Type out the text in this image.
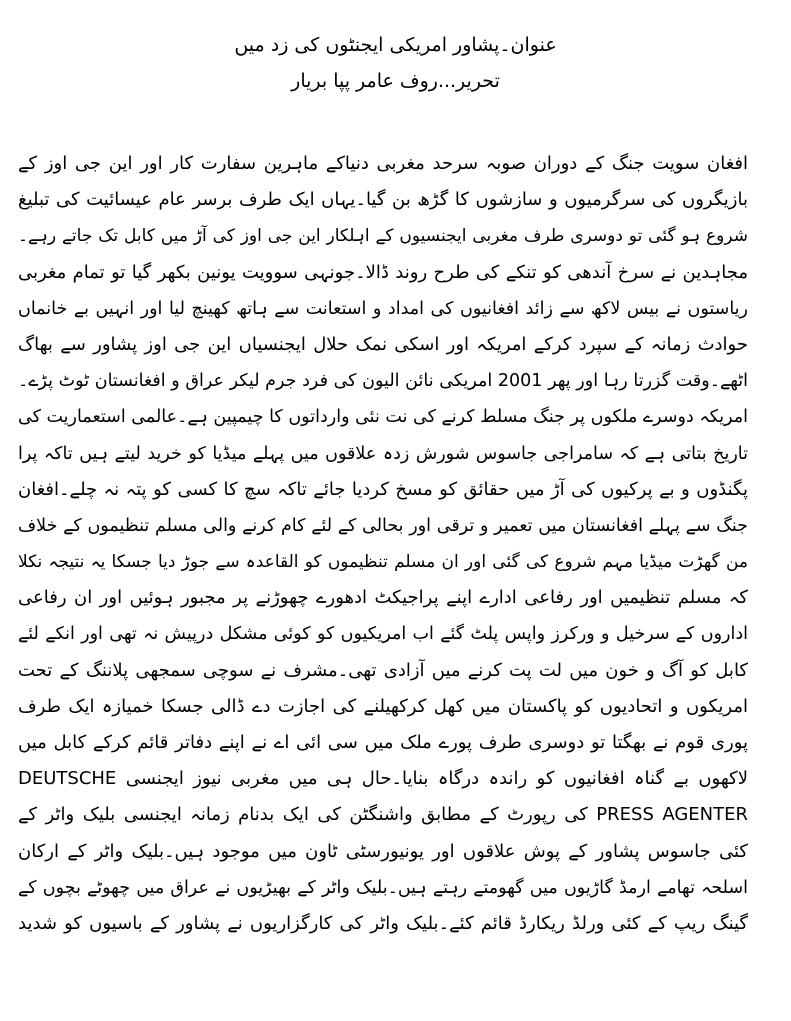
عنوان۔پشاور امریکی ایجنٹوں کی زد میں
تحریر...روف عامر پپا بریار
افغان سویت جنگ کے دوران صوبہ سرحد مغربی دنیاکے ماہرین سفارت کار اور این جی اوز کے
بازیگروں کی سرگرمیوں و سازشوں کا گڑھ بن گیا۔یہاں ایک طرف برسر عام عیسائیت کی تبلیغ
شروع ہو گئی تو دوسری طرف مغربی ایجنسیوں کے اہلکار این جی اوز کی آڑ میں کابل تک جاتے رہے۔
مجاہدین نے سرخ آندھی کو تنکے کی طرح روند ڈالا۔جونہی سوویت یونین بکھر گیا تو تمام مغربی
ریاستوں نے بیس لاکھ سے زائد افغانیوں کی امداد و استعانت سے ہاتھ کھینچ لیا اور انہیں بے خانماں
حوادث زمانہ کے سپرد کرکے امریکہ اور اسکی نمک حلال ایجنسیاں این جی اوز پشاور سے بھاگ
اٹھے۔وقت گزرتا رہا اور پھر 2001 امریکی نائن الیون کی فرد جرم لیکر عراق و افغانستان ٹوٹ پڑے۔
امریکہ دوسرے ملکوں پر جنگ مسلط کرنے کی نت نئی وارداتوں کا چیمپین ہے۔عالمی استعماریت کی
تاریخ بتاتی ہے کہ سامراجی جاسوس شورش زدہ علاقوں میں پہلے میڈیا کو خرید لیتے ہیں تاکہ پرا
پگنڈوں و بے پرکیوں کی آڑ میں حقائق کو مسخ کردیا جائے تاکہ سچ کا کسی کو پتہ نہ چلے۔افغان
جنگ سے پہلے افغانستان میں تعمیر و ترقی اور بحالی کے لئے کام کرنے والی مسلم تنظیموں کے خلاف
من گھڑت میڈیا مہم شروع کی گئی اور ان مسلم تنظیموں کو القاعدہ سے جوڑ دیا جسکا یہ نتیجہ نکلا
کہ مسلم تنظیمیں اور رفاعی ادارے اپنے پراجیکٹ ادھورے چھوڑنے پر مجبور ہوئیں اور ان رفاعی
اداروں کے سرخیل و ورکرز واپس پلٹ گئے اب امریکیوں کو کوئی مشکل درپیش نہ تھی اور انکے لئے
کابل کو آگ و خون میں لت پت کرنے میں آزادی تھی۔مشرف نے سوچی سمجھی پلاننگ کے تحت
امریکوں و اتحادیوں کو پاکستان میں کھل کرکھیلنے کی اجازت دے ڈالی جسکا خمیازہ ایک طرف
پوری قوم نے بھگتا تو دوسری طرف پورے ملک میں سی ائی اے نے اپنے دفاتر قائم کرکے کابل میں
لاکھوں بے گناہ افغانیوں کو راندہ درگاہ بنایا۔حال ہی میں مغربی نیوز ایجنسی DEUTSCHE
PRESS AGENTER کی رپورٹ کے مطابق واشنگٹن کی ایک بدنام زمانہ ایجنسی بلیک واٹر کے
کئی جاسوس پشاور کے پوش علاقوں اور یونیورسٹی ٹاون میں موجود ہیں۔بلیک واٹر کے ارکان
اسلحہ تھامے ارمڈ گاڑیوں میں گھومتے رہتے ہیں۔بلیک واٹر کے بھیڑیوں نے عراق میں چھوٹے بچوں کے
گینگ ریپ کے کئی ورلڈ ریکارڈ قائم کئے۔بلیک واٹر کی کارگزاریوں نے پشاور کے باسیوں کو شدید
